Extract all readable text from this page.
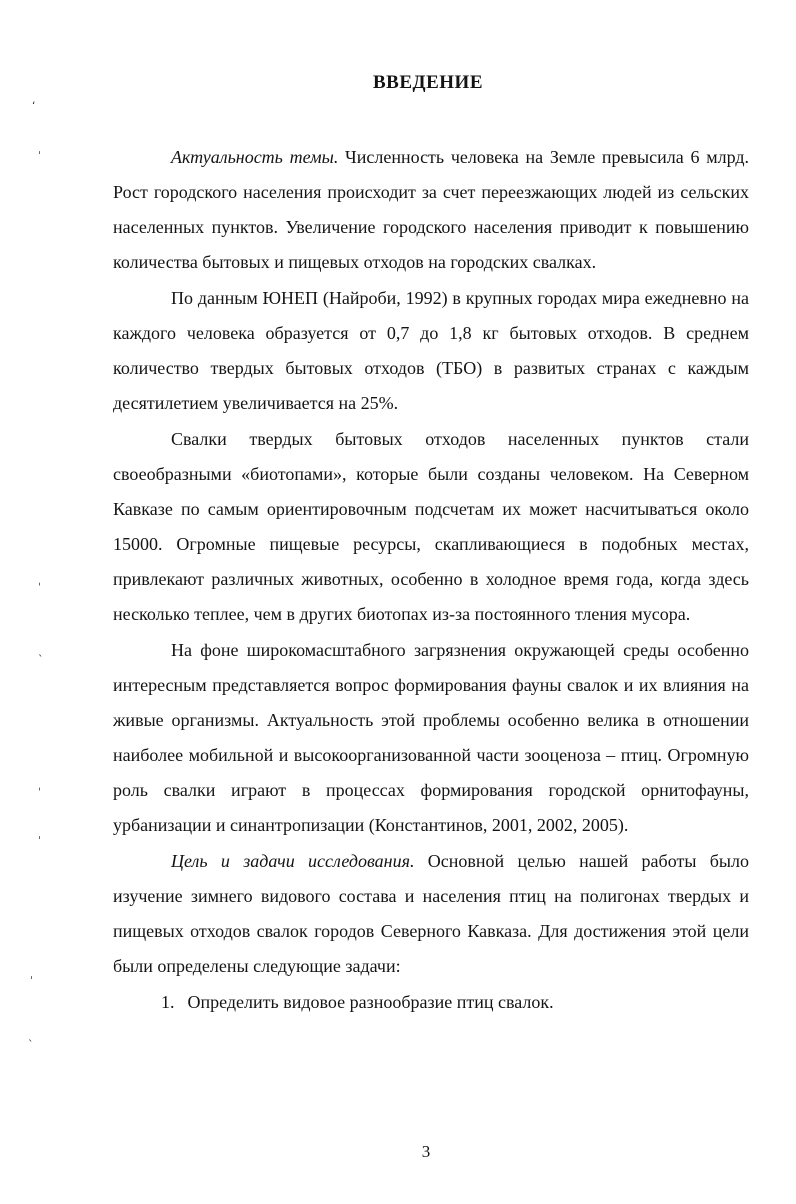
ВВЕДЕНИЕ

Актуальность темы. Численность человека на Земле превысила 6 млрд. Рост городского населения происходит за счет переезжающих людей из сельских населенных пунктов. Увеличение городского населения приводит к повышению количества бытовых и пищевых отходов на городских свалках.

По данным ЮНЕП (Найроби, 1992) в крупных городах мира ежедневно на каждого человека образуется от 0,7 до 1,8 кг бытовых отходов. В среднем количество твердых бытовых отходов (ТБО) в развитых странах с каждым десятилетием увеличивается на 25%.

Свалки твердых бытовых отходов населенных пунктов стали своеобразными «биотопами», которые были созданы человеком. На Северном Кавказе по самым ориентировочным подсчетам их может насчитываться около 15000. Огромные пищевые ресурсы, скапливающиеся в подобных местах, привлекают различных животных, особенно в холодное время года, когда здесь несколько теплее, чем в других биотопах из-за постоянного тления мусора.

На фоне широкомасштабного загрязнения окружающей среды особенно интересным представляется вопрос формирования фауны свалок и их влияния на живые организмы. Актуальность этой проблемы особенно велика в отношении наиболее мобильной и высокоорганизованной части зооценоза – птиц. Огромную роль свалки играют в процессах формирования городской орнитофауны, урбанизации и синантропизации (Константинов, 2001, 2002, 2005).

Цель и задачи исследования. Основной целью нашей работы было изучение зимнего видового состава и населения птиц на полигонах твердых и пищевых отходов свалок городов Северного Кавказа. Для достижения этой цели были определены следующие задачи:

1. Определить видовое разнообразие птиц свалок.
3
ʻ
ˈ
ˌ
ˎ
ˌ
ˈ
ˈ
ˎ
